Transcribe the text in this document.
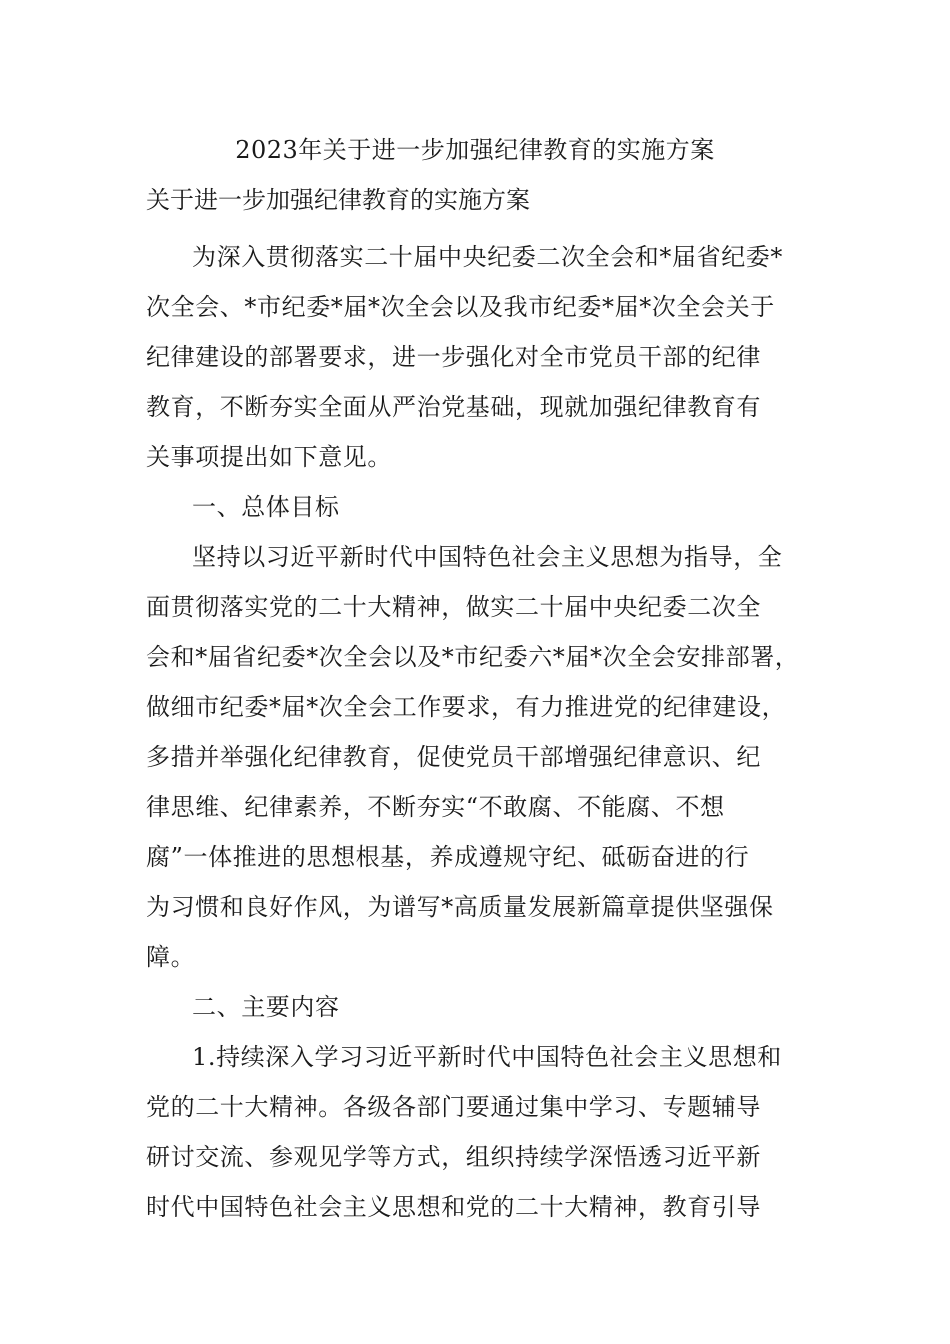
2023年关于进一步加强纪律教育的实施方案
关于进一步加强纪律教育的实施方案
为深入贯彻落实二十届中央纪委二次全会和*届省纪委*
次全会、*市纪委*届*次全会以及我市纪委*届*次全会关于
纪律建设的部署要求，进一步强化对全市党员干部的纪律
教育，不断夯实全面从严治党基础，现就加强纪律教育有
关事项提出如下意见。
一、总体目标
坚持以习近平新时代中国特色社会主义思想为指导，全
面贯彻落实党的二十大精神，做实二十届中央纪委二次全
会和*届省纪委*次全会以及*市纪委六*届*次全会安排部署，
做细市纪委*届*次全会工作要求，有力推进党的纪律建设，
多措并举强化纪律教育，促使党员干部增强纪律意识、纪
律思维、纪律素养，不断夯实“不敢腐、不能腐、不想
腐”一体推进的思想根基，养成遵规守纪、砥砺奋进的行
为习惯和良好作风，为谱写*高质量发展新篇章提供坚强保
障。
二、主要内容
1.持续深入学习习近平新时代中国特色社会主义思想和
党的二十大精神。各级各部门要通过集中学习、专题辅导
研讨交流、参观见学等方式，组织持续学深悟透习近平新
时代中国特色社会主义思想和党的二十大精神，教育引导
